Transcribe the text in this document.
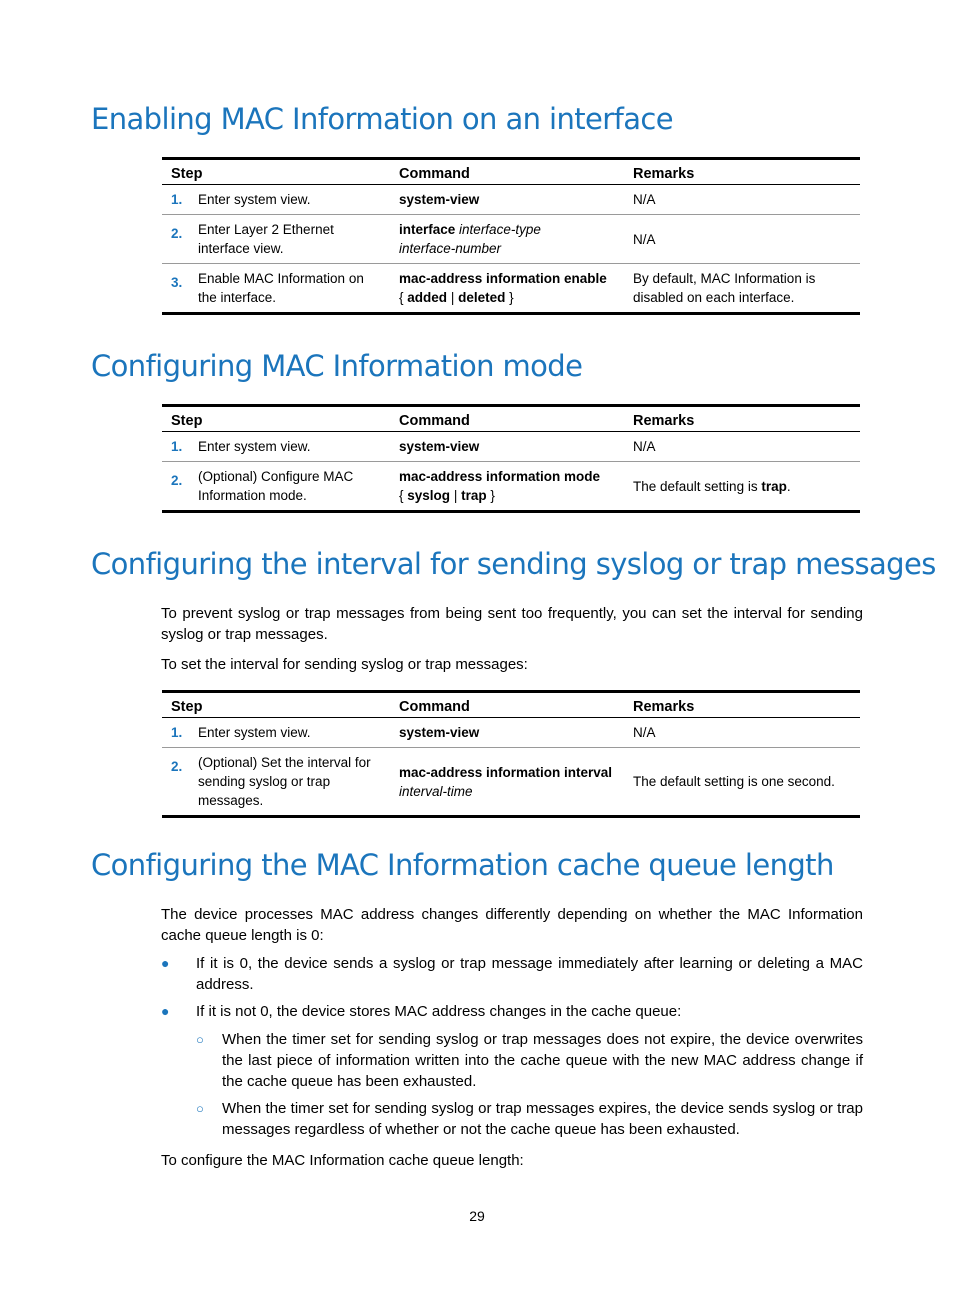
Enabling MAC Information on an interface
Step		Command	Remarks
1.	Enter system view.	system-view	N/A
2.	Enter Layer 2 Ethernet interface view.	interface interface-type
interface-number	N/A
3.	Enable MAC Information on the interface.	mac-address information enable
{ added | deleted }	By default, MAC Information is disabled on each interface.
Configuring MAC Information mode
Step		Command	Remarks
1.	Enter system view.	system-view	N/A
2.	(Optional) Configure MAC Information mode.	mac-address information mode
{ syslog | trap }	The default setting is trap.
Configuring the interval for sending syslog or trap messages

To prevent syslog or trap messages from being sent too frequently, you can set the interval for sending syslog or trap messages.

To set the interval for sending syslog or trap messages:

Step		Command	Remarks
1.	Enter system view.	system-view	N/A
2.	(Optional) Set the interval for sending syslog or trap messages.	mac-address information interval
interval-time	The default setting is one second.
Configuring the MAC Information cache queue length

The device processes MAC address changes differently depending on whether the MAC Information cache queue length is 0:

● If it is 0, the device sends a syslog or trap message immediately after learning or deleting a MAC address.
● If it is not 0, the device stores MAC address changes in the cache queue:
○ When the timer set for sending syslog or trap messages does not expire, the device overwrites the last piece of information written into the cache queue with the new MAC address change if the cache queue has been exhausted.
○ When the timer set for sending syslog or trap messages expires, the device sends syslog or trap messages regardless of whether or not the cache queue has been exhausted.

To configure the MAC Information cache queue length:

29
